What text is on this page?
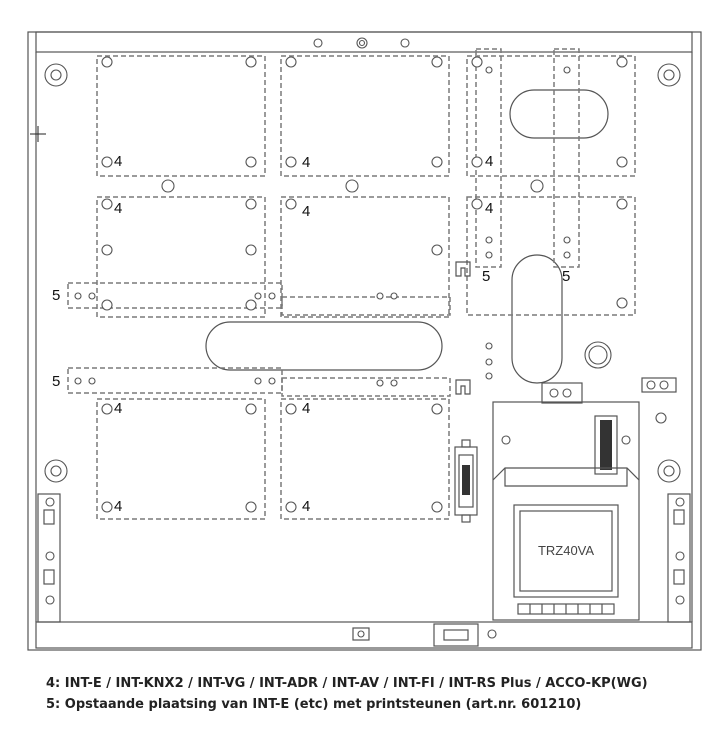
TRZ40VA
4	4	4
4	4	4
4	4
4	4
5
5
5	5
4: INT-E / INT-KNX2 / INT-VG / INT-ADR / INT-AV / INT-FI / INT-RS Plus / ACCO-KP(WG)
5: Opstaande plaatsing van INT-E (etc) met printsteunen (art.nr. 601210)
